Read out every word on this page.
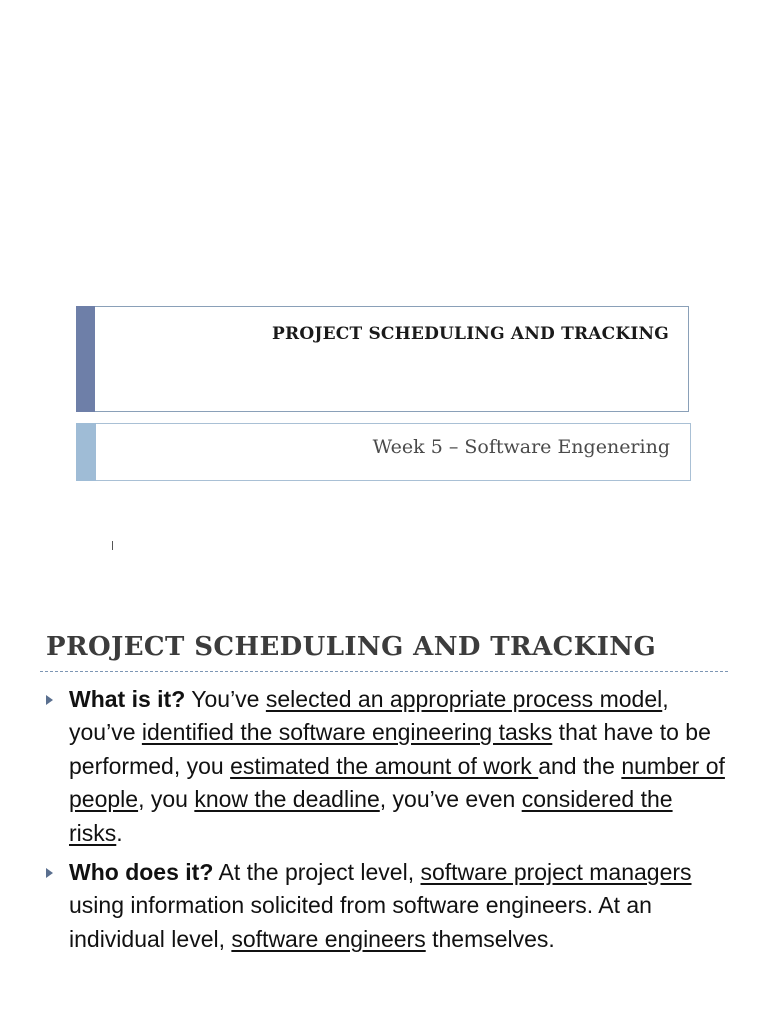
PROJECT SCHEDULING AND TRACKING
Week 5 – Software Engenering
PROJECT SCHEDULING AND TRACKING
What is it? You’ve selected an appropriate process model, you’ve identified the software engineering tasks that have to be performed, you estimated the amount of work and the number of people, you know the deadline, you’ve even considered the risks.
Who does it? At the project level, software project managers using information solicited from software engineers. At an individual level, software engineers themselves.
